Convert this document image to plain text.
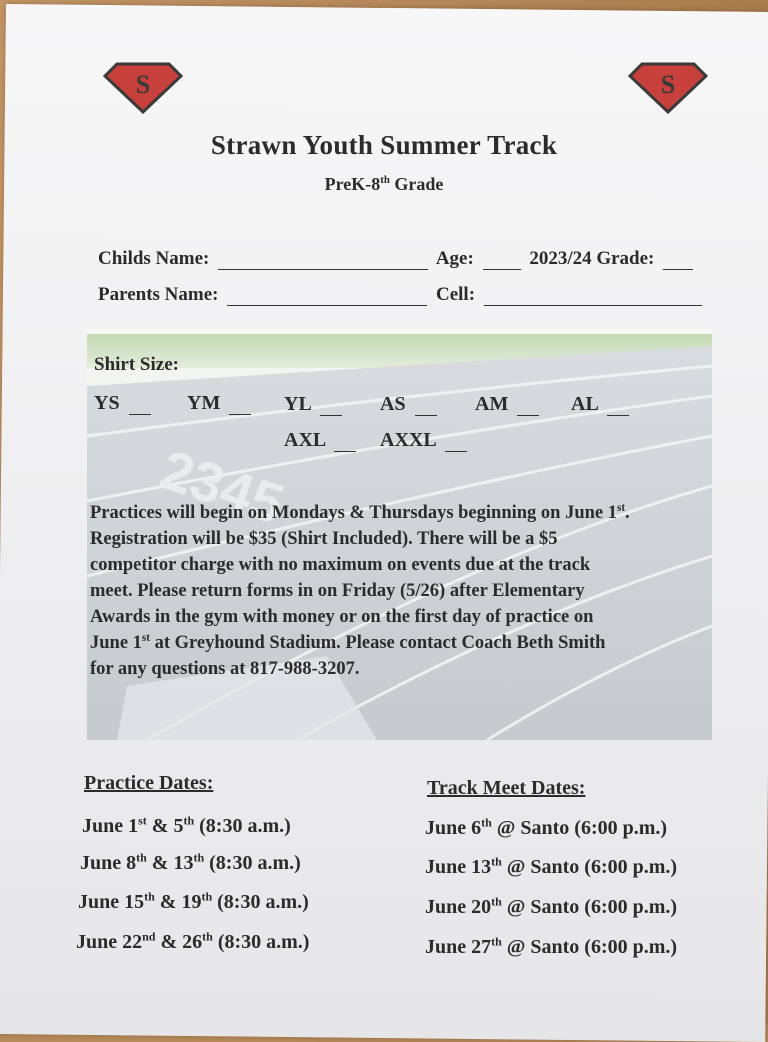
S	S
Strawn Youth Summer Track
PreK-8th Grade
Childs Name:	Age:	2023/24 Grade:
Parents Name:	Cell:
2345
Shirt Size:
YS	YM	YL	AS	AM	AL
AXL	AXXL
Practices will begin on Mondays & Thursdays beginning on June 1st.
Registration will be $35 (Shirt Included). There will be a $5
competitor charge with no maximum on events due at the track
meet. Please return forms in on Friday (5/26) after Elementary
Awards in the gym with money or on the first day of practice on
June 1st at Greyhound Stadium. Please contact Coach Beth Smith
for any questions at 817-988-3207.
Practice Dates:
June 1st & 5th (8:30 a.m.)
June 8th & 13th (8:30 a.m.)
June 15th & 19th (8:30 a.m.)
June 22nd & 26th (8:30 a.m.)
Track Meet Dates:
June 6th @ Santo (6:00 p.m.)
June 13th @ Santo (6:00 p.m.)
June 20th @ Santo (6:00 p.m.)
June 27th @ Santo (6:00 p.m.)
